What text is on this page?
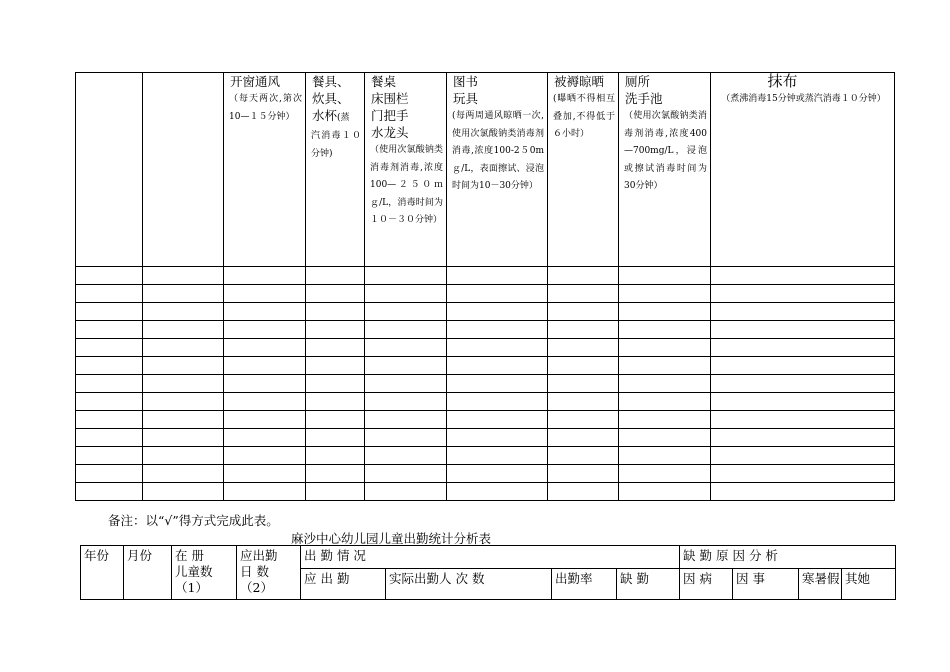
		开窗通风
（每天两次,第次10—１５分钟）	餐具、
炊具、
水杯(蒸
汽消毒１０分钟)	餐桌
床围栏
门把手
水龙头
（使用次氯酸钠类消毒剂消毒,浓度100—２５０ｍｇ/L，消毒时间为１０－３０分钟）	图书
玩具
(每两周通风晾晒一次,使用次氯酸钠类消毒剂消毒,浓度100-2５0m ｇ/L，表面擦试、浸泡时间为10－30分钟）	被褥晾晒
(曝晒不得相互叠加,不得低于６小时）	厕所
洗手池
（使用次氯酸钠类消毒剂消毒,浓度400—700mg/L，浸泡或擦试消毒时间为30分钟）	抹布
（煮沸消毒15分钟或蒸汽消毒１０分钟）

备注：以“√”得方式完成此表。
麻沙中心幼儿园儿童出勤统计分析表
年份	月份	在 册
儿童数
（1）	应出勤
日 数
（2）	出 勤 情 况				缺 勤 原 因 分 析			
				应 出 勤	实际出勤人 次 数	出勤率	缺 勤	因 病	因 事	寒暑假	其她
